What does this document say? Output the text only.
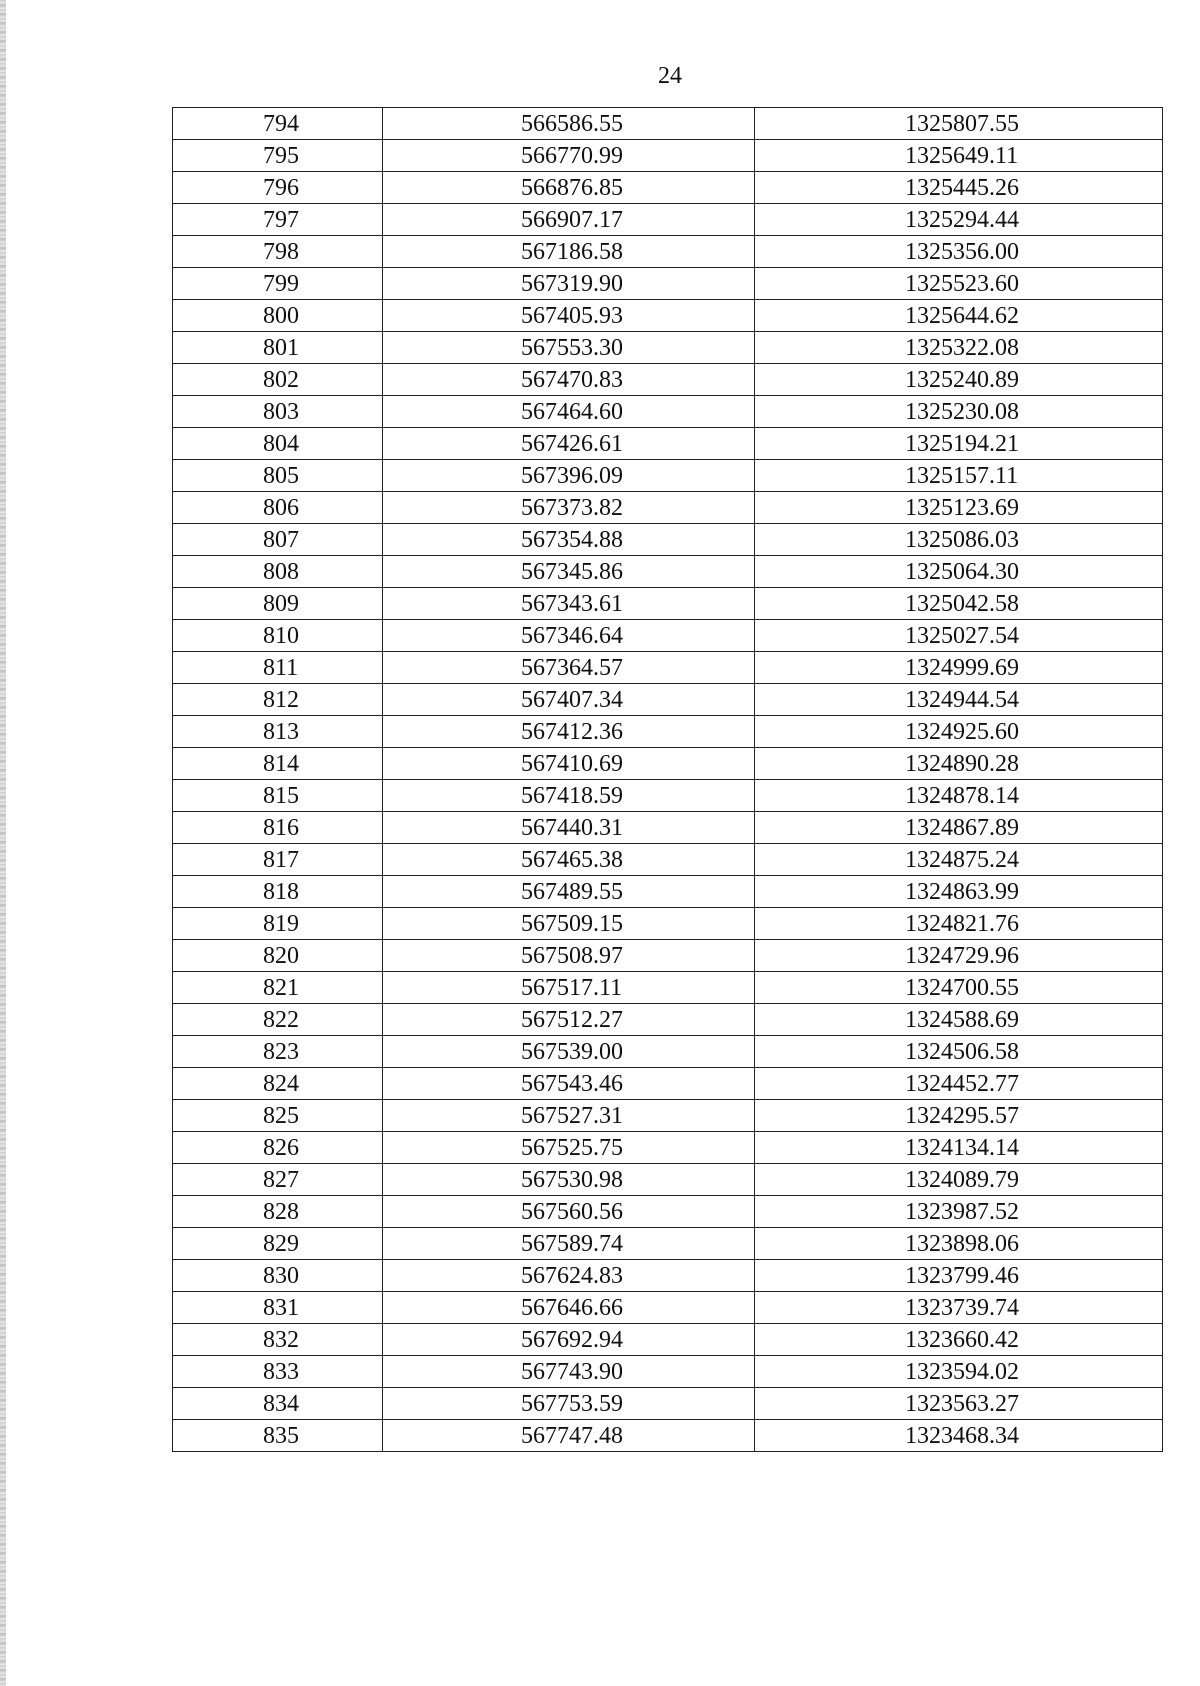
24
794	566586.55	1325807.55
795	566770.99	1325649.11
796	566876.85	1325445.26
797	566907.17	1325294.44
798	567186.58	1325356.00
799	567319.90	1325523.60
800	567405.93	1325644.62
801	567553.30	1325322.08
802	567470.83	1325240.89
803	567464.60	1325230.08
804	567426.61	1325194.21
805	567396.09	1325157.11
806	567373.82	1325123.69
807	567354.88	1325086.03
808	567345.86	1325064.30
809	567343.61	1325042.58
810	567346.64	1325027.54
811	567364.57	1324999.69
812	567407.34	1324944.54
813	567412.36	1324925.60
814	567410.69	1324890.28
815	567418.59	1324878.14
816	567440.31	1324867.89
817	567465.38	1324875.24
818	567489.55	1324863.99
819	567509.15	1324821.76
820	567508.97	1324729.96
821	567517.11	1324700.55
822	567512.27	1324588.69
823	567539.00	1324506.58
824	567543.46	1324452.77
825	567527.31	1324295.57
826	567525.75	1324134.14
827	567530.98	1324089.79
828	567560.56	1323987.52
829	567589.74	1323898.06
830	567624.83	1323799.46
831	567646.66	1323739.74
832	567692.94	1323660.42
833	567743.90	1323594.02
834	567753.59	1323563.27
835	567747.48	1323468.34
